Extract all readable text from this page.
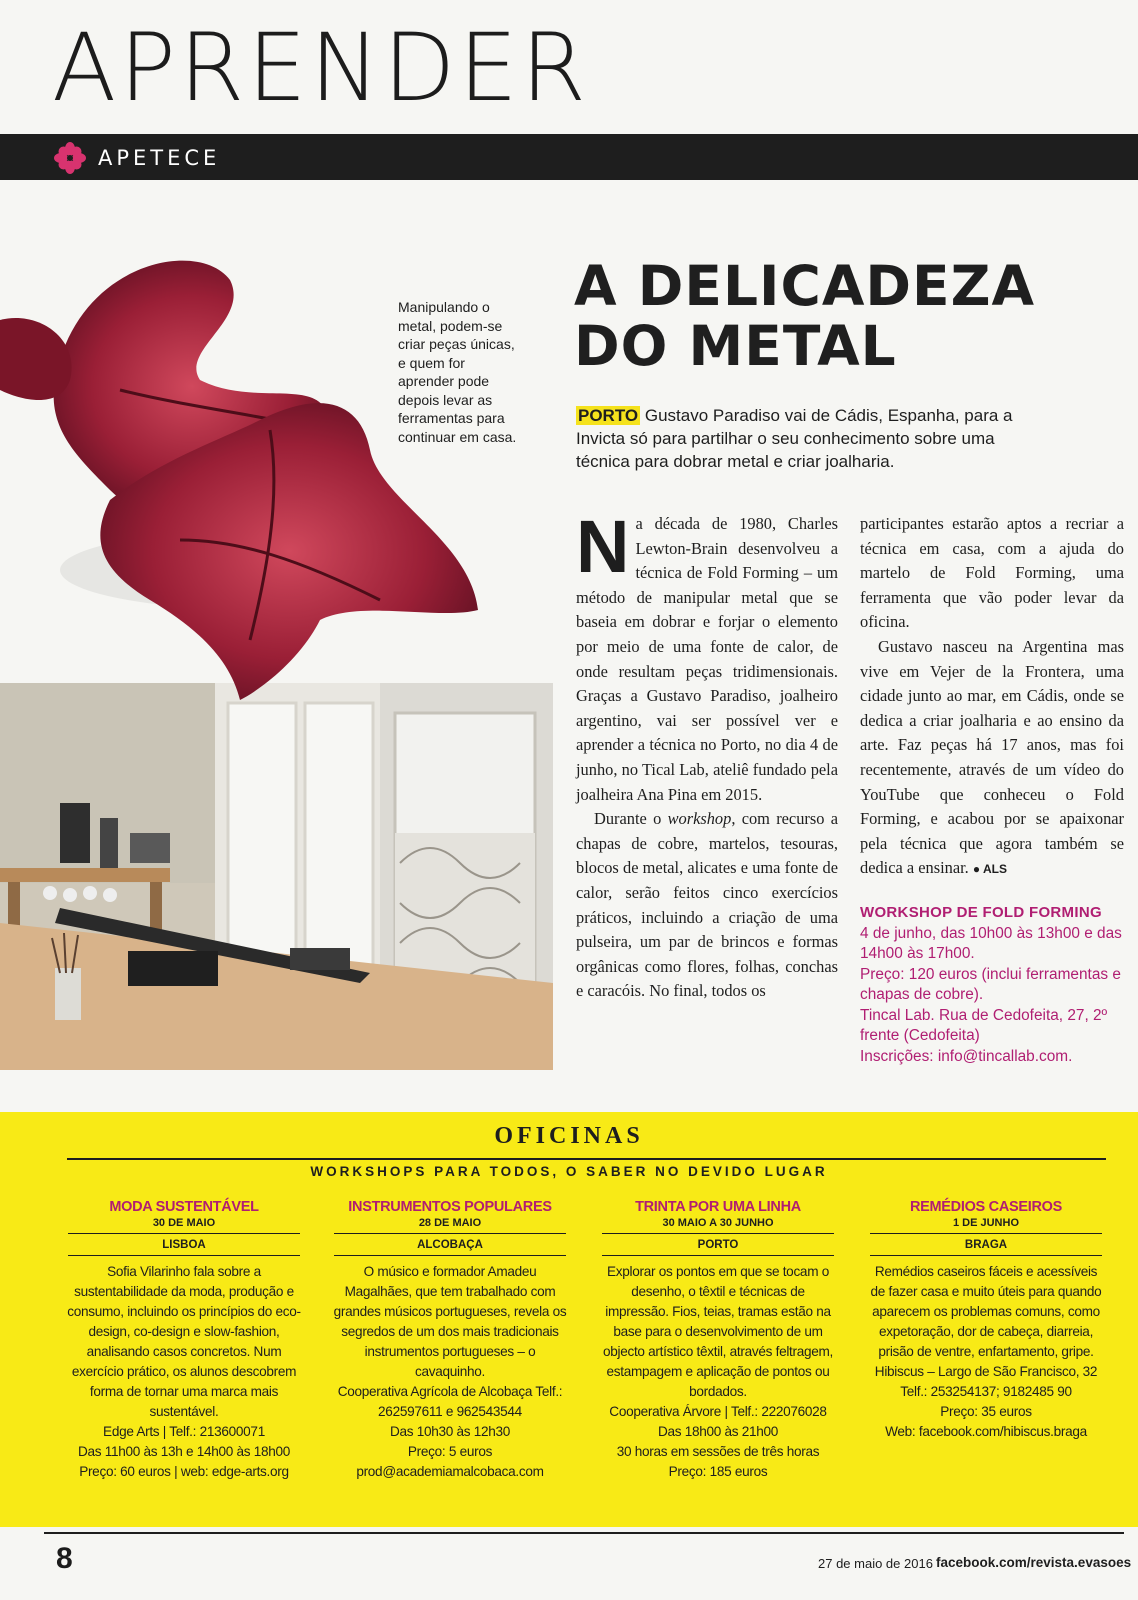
APRENDER
APETECE
Manipulando o metal, podem-se criar peças únicas, e quem for aprender pode depois levar as ferramentas para continuar em casa.
A DELICADEZA
DO METAL
PORTO Gustavo Paradiso vai de Cádis, Espanha, para a Invicta só para partilhar o seu conhecimento sobre uma técnica para dobrar metal e criar joalharia.

Na década de 1980, Charles Lewton-Brain desenvolveu a técnica de Fold Forming – um método de manipular metal que se baseia em dobrar e forjar o elemento por meio de uma fonte de calor, de onde resultam peças tridimensionais. Graças a Gustavo Paradiso, joalheiro argentino, vai ser possível ver e aprender a técnica no Porto, no dia 4 de junho, no Tical Lab, ateliê fundado pela joalheira Ana Pina em 2015.

Durante o workshop, com recurso a chapas de cobre, martelos, tesouras, blocos de metal, alicates e uma fonte de calor, serão feitos cinco exercícios práticos, incluindo a criação de uma pulseira, um par de brincos e formas orgânicas como flores, folhas, conchas e caracóis. No final, todos os

participantes estarão aptos a recriar a técnica em casa, com a ajuda do martelo de Fold Forming, uma ferramenta que vão poder levar da oficina.

Gustavo nasceu na Argentina mas vive em Vejer de la Frontera, uma cidade junto ao mar, em Cádis, onde se dedica a criar joalharia e ao ensino da arte. Faz peças há 17 anos, mas foi recentemente, através de um vídeo do YouTube que conheceu o Fold Forming, e acabou por se apaixonar pela técnica que agora também se dedica a ensinar. ● ALS

WORKSHOP DE FOLD FORMING
4 de junho, das 10h00 às 13h00 e das 14h00 às 17h00.
Preço: 120 euros (inclui ferramentas e chapas de cobre).
Tincal Lab. Rua de Cedofeita, 27, 2º frente (Cedofeita)
Inscrições: info@tincallab.com.
OFICINAS
WORKSHOPS PARA TODOS, O SABER NO DEVIDO LUGAR
MODA SUSTENTÁVEL
30 DE MAIO
LISBOA
Sofia Vilarinho fala sobre a sustentabilidade da moda, produção e consumo, incluindo os princípios do eco-design, co-design e slow-fashion, analisando casos concretos. Num exercício prático, os alunos descobrem forma de tornar uma marca mais sustentável.
Edge Arts | Telf.: 213600071
Das 11h00 às 13h e 14h00 às 18h00
Preço: 60 euros | web: edge-arts.org
INSTRUMENTOS POPULARES
28 DE MAIO
ALCOBAÇA
O músico e formador Amadeu Magalhães, que tem trabalhado com grandes músicos portugueses, revela os segredos de um dos mais tradicionais instrumentos portugueses – o cavaquinho.
Cooperativa Agrícola de Alcobaça Telf.: 262597611 e 962543544
Das 10h30 às 12h30
Preço: 5 euros
prod@academiamalcobaca.com
TRINTA POR UMA LINHA
30 MAIO A 30 JUNHO
PORTO
Explorar os pontos em que se tocam o desenho, o têxtil e técnicas de impressão. Fios, teias, tramas estão na base para o desenvolvimento de um objecto artístico têxtil, através feltragem, estampagem e aplicação de pontos ou bordados.
Cooperativa Árvore | Telf.: 222076028
Das 18h00 às 21h00
30 horas em sessões de três horas
Preço: 185 euros
REMÉDIOS CASEIROS
1 DE JUNHO
BRAGA
Remédios caseiros fáceis e acessíveis de fazer casa e muito úteis para quando aparecem os problemas comuns, como expetoração, dor de cabeça, diarreia, prisão de ventre, enfartamento, gripe.
Hibiscus – Largo de São Francisco, 32 Telf.: 253254137; 9182485 90
Preço: 35 euros
Web: facebook.com/hibiscus.braga
8	27 de maio de 2016 facebook.com/revista.evasoes
